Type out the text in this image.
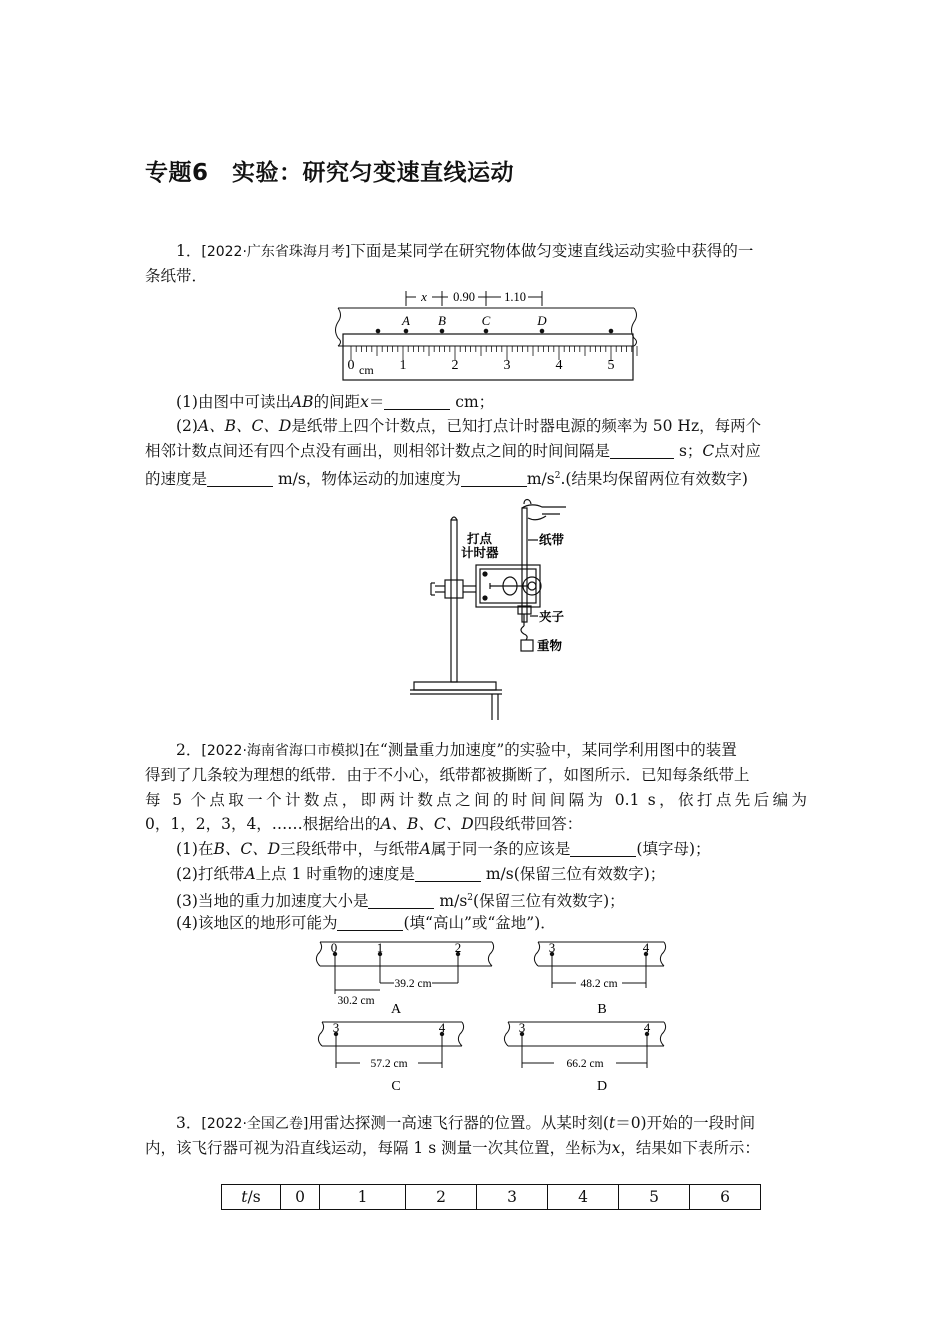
专题6　实验：研究匀变速直线运动
1．[2022·广东省珠海月考]下面是某同学在研究物体做匀变速直线运动实验中获得的一
条纸带．
x 0.90 1.10
A B	C	D
0	1	2	3	4	5
cm
(1)由图中可读出AB的间距x＝	cm；
(2)A、B、C、D是纸带上四个计数点，已知打点计时器电源的频率为 50 Hz，每两个
相邻计数点间还有四个点没有画出，则相邻计数点之间的时间间隔是	s；C点对应
的速度是	m/s，物体运动的加速度为	$m/s^2$.(结果均保留两位有效数字)
打点
计时器
纸带
夹子
重物
2．[2022·海南省海口市模拟]在“测量重力加速度”的实验中，某同学利用图中的装置
得到了几条较为理想的纸带．由于不小心，纸带都被撕断了，如图所示．已知每条纸带上
每 5 个点取一个计数点，即两计数点之间的时间间隔为 0.1 s，依打点先后编为
0，1，2，3，4，……根据给出的A、B、C、D四段纸带回答：
(1)在B、C、D三段纸带中，与纸带A属于同一条的应该是	(填字母)；
(2)打纸带A上点 1 时重物的速度是	m/s(保留三位有效数字)；
(3)当地的重力加速度大小是	$m/s^2$(保留三位有效数字)；
(4)该地区的地形可能为	(填“高山”或“盆地”)．
0	1	2	3	4
3	4	3	4
30.2 cm
39.2 cm	48.2 cm
57.2 cm	66.2 cm
A	B
C	D
3．[2022·全国乙卷]用雷达探测一高速飞行器的位置。从某时刻(t＝0)开始的一段时间
内，该飞行器可视为沿直线运动，每隔 1 s 测量一次其位置，坐标为x，结果如下表所示：
t/s	0	1	2	3	4	5	6
